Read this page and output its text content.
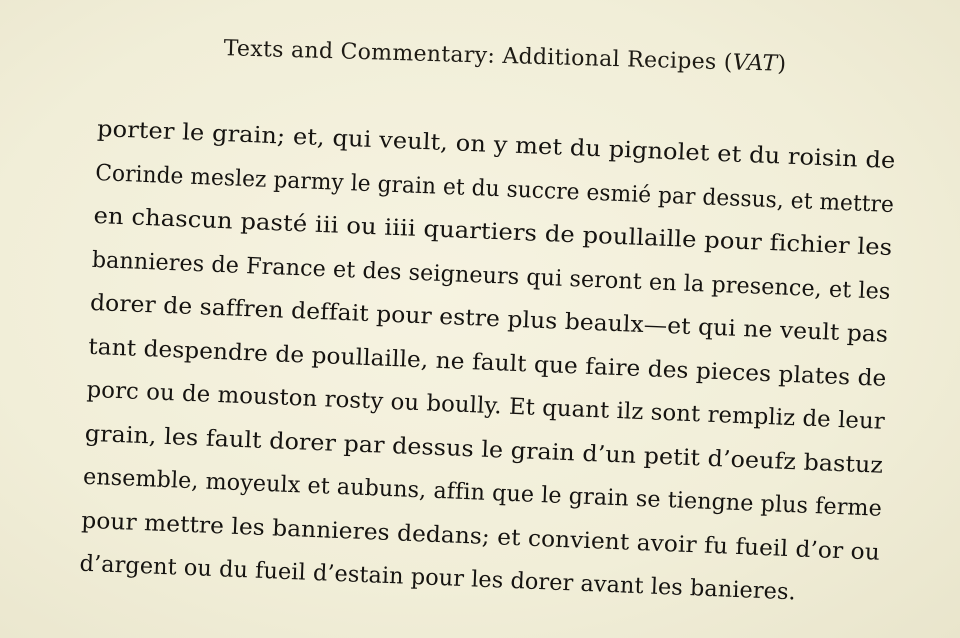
Texts and Commentary: Additional Recipes (VAT)
porter le grain; et, qui veult, on y met du pignolet et du roisin de
Corinde meslez parmy le grain et du succre esmié par dessus, et mettre
en chascun pasté iii ou iiii quartiers de poullaille pour fichier les
bannieres de France et des seigneurs qui seront en la presence, et les
dorer de saffren deffait pour estre plus beaulx—et qui ne veult pas
tant despendre de poullaille, ne fault que faire des pieces plates de
porc ou de mouston rosty ou boully. Et quant ilz sont rempliz de leur
grain, les fault dorer par dessus le grain d’un petit d’oeufz bastuz
ensemble, moyeulx et aubuns, affin que le grain se tiengne plus ferme
pour mettre les bannieres dedans; et convient avoir fu fueil d’or ou
d’argent ou du fueil d’estain pour les dorer avant les banieres.
